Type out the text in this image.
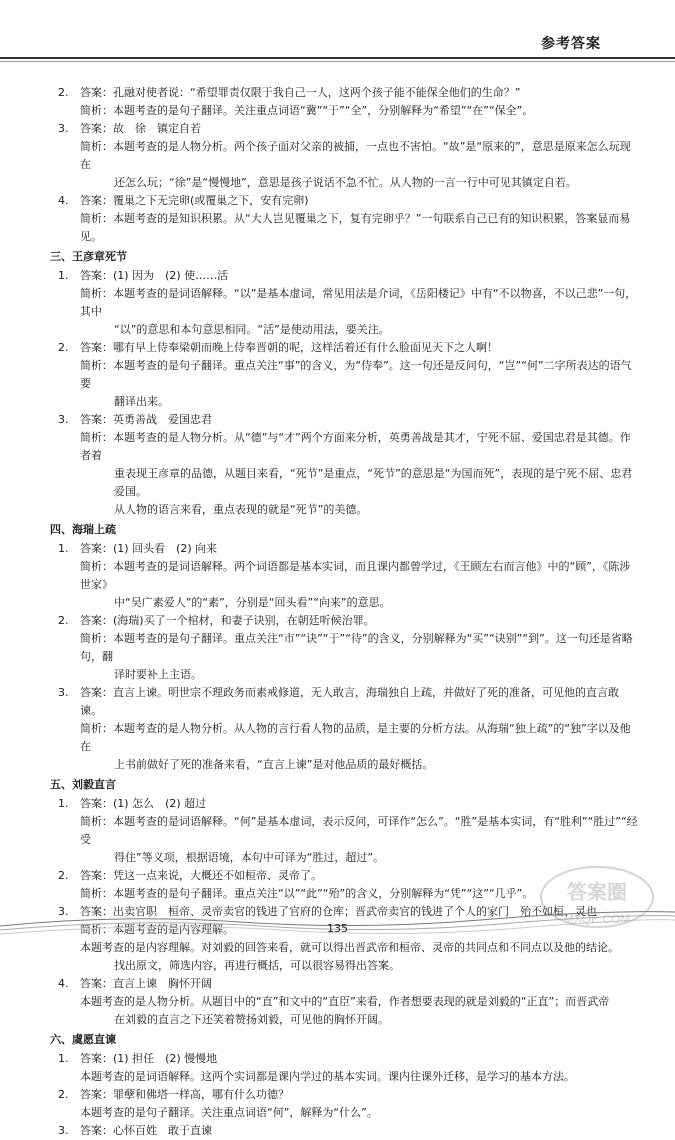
参考答案
2.	答案：孔融对使者说：“希望罪责仅限于我自己一人，这两个孩子能不能保全他们的生命？”
简析：本题考查的是句子翻译。关注重点词语“冀”“于”“全”，分别解释为“希望”“在”“保全”。
3.	答案：故　徐　镇定自若
简析：本题考查的是人物分析。两个孩子面对父亲的被捕，一点也不害怕。“故”是“原来的”，意思是原来怎么玩现在
还怎么玩；“徐”是“慢慢地”，意思是孩子说话不急不忙。从人物的一言一行中可见其镇定自若。
4.	答案：覆巢之下无完卵(或覆巢之下，安有完卵)
简析：本题考查的是知识积累。从“大人岂见覆巢之下，复有完卵乎？”一句联系自己已有的知识积累，答案显而易见。
三、王彦章死节
1.	答案：(1) 因为　(2) 使……活
简析：本题考查的是词语解释。“以”是基本虚词，常见用法是介词，《岳阳楼记》中有“不以物喜，不以己悲”一句，其中
“以”的意思和本句意思相同。“活”是使动用法，要关注。
2.	答案：哪有早上侍奉梁朝而晚上侍奉晋朝的呢，这样活着还有什么脸面见天下之人啊！
简析：本题考查的是句子翻译。重点关注“事”的含义，为“侍奉”。这一句还是反问句，“岂”“何”二字所表达的语气要
翻译出来。
3.	答案：英勇善战　爱国忠君
简析：本题考查的是人物分析。从“德”与“才”两个方面来分析，英勇善战是其才，宁死不屈、爱国忠君是其德。作者着
重表现王彦章的品德，从题目来看，“死节”是重点，“死节”的意思是“为国而死”，表现的是宁死不屈、忠君爱国。
从人物的语言来看，重点表现的就是“死节”的美德。
四、海瑞上疏
1.	答案：(1) 回头看　(2) 向来
简析：本题考查的是词语解释。两个词语都是基本实词，而且课内都曾学过，《王顾左右而言他》中的“顾”，《陈涉世家》
中“吴广素爱人”的“素”，分别是“回头看”“向来”的意思。
2.	答案：(海瑞)买了一个棺材，和妻子诀别，在朝廷听候治罪。
简析：本题考查的是句子翻译。重点关注“市”“诀”“于”“待”的含义，分别解释为“买”“诀别”“到”。这一句还是省略句，翻
译时要补上主语。
3.	答案：直言上谏。明世宗不理政务而素戒修道，无人敢言，海瑞独自上疏，并做好了死的准备，可见他的直言敢谏。
简析：本题考查的是人物分析。从人物的言行看人物的品质，是主要的分析方法。从海瑞“独上疏”的“独”字以及他在
上书前做好了死的准备来看，“直言上谏”是对他品质的最好概括。
五、刘毅直言
1.	答案：(1) 怎么　(2) 超过
简析：本题考查的是词语解释。“何”是基本虚词，表示反问，可译作“怎么”。“胜”是基本实词，有“胜利”“胜过”“经受
得住”等义项，根据语境，本句中可译为“胜过，超过”。
2.	答案：凭这一点来说，大概还不如桓帝、灵帝了。
简析：本题考查的是句子翻译。重点关注“以”“此”“殆”的含义，分别解释为“凭”“这”“几乎”。
3.	答案：出卖官职　桓帝、灵帝卖官的钱进了官府的仓库；晋武帝卖官的钱进了个人的家门　殆不如桓、灵也
简析：本题考查的是内容理解。
本题考查的是内容理解。对刘毅的回答来看，就可以得出晋武帝和桓帝、灵帝的共同点和不同点以及他的结论。
找出原文，筛选内容，再进行概括，可以很容易得出答案。
4.	答案：直言上谏　胸怀开阔
本题考查的是人物分析。从题目中的“直”和文中的“直臣”来看，作者想要表现的就是刘毅的“正直”；而晋武帝
在刘毅的直言之下还笑着赞扬刘毅，可见他的胸怀开阔。
六、虞愿直谏
1.	答案：(1) 担任　(2) 慢慢地
本题考查的是词语解释。这两个实词都是课内学过的基本实词。课内往课外迁移，是学习的基本方法。
2.	答案：罪孽和佛塔一样高，哪有什么功德？
本题考查的是句子翻译。关注重点词语“何”，解释为“什么”。
3.	答案：心怀百姓　敢于直谏
135
答案圈
MXQE.COM
